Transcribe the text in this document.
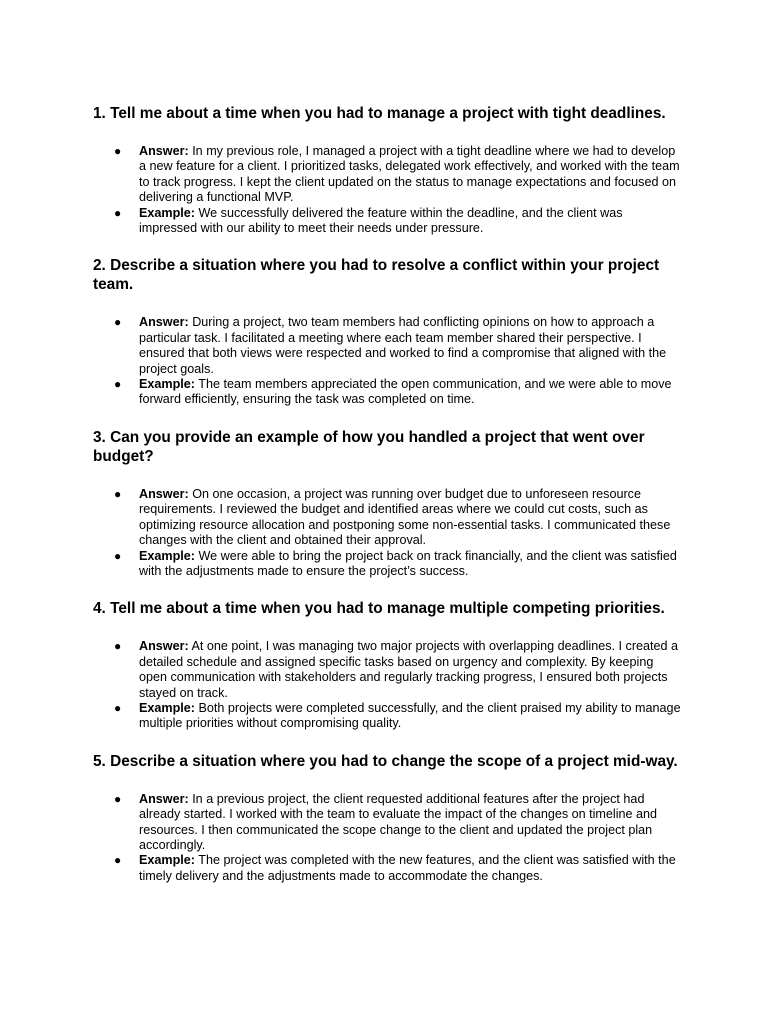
1. Tell me about a time when you had to manage a project with tight deadlines.
● Answer: In my previous role, I managed a project with a tight deadline where we had to develop a new feature for a client. I prioritized tasks, delegated work effectively, and worked with the team to track progress. I kept the client updated on the status to manage expectations and focused on delivering a functional MVP.
● Example: We successfully delivered the feature within the deadline, and the client was impressed with our ability to meet their needs under pressure.
2. Describe a situation where you had to resolve a conflict within your project team.
● Answer: During a project, two team members had conflicting opinions on how to approach a particular task. I facilitated a meeting where each team member shared their perspective. I ensured that both views were respected and worked to find a compromise that aligned with the project goals.
● Example: The team members appreciated the open communication, and we were able to move forward efficiently, ensuring the task was completed on time.
3. Can you provide an example of how you handled a project that went over budget?
● Answer: On one occasion, a project was running over budget due to unforeseen resource requirements. I reviewed the budget and identified areas where we could cut costs, such as optimizing resource allocation and postponing some non-essential tasks. I communicated these changes with the client and obtained their approval.
● Example: We were able to bring the project back on track financially, and the client was satisfied with the adjustments made to ensure the project’s success.
4. Tell me about a time when you had to manage multiple competing priorities.
● Answer: At one point, I was managing two major projects with overlapping deadlines. I created a detailed schedule and assigned specific tasks based on urgency and complexity. By keeping open communication with stakeholders and regularly tracking progress, I ensured both projects stayed on track.
● Example: Both projects were completed successfully, and the client praised my ability to manage multiple priorities without compromising quality.
5. Describe a situation where you had to change the scope of a project mid-way.
● Answer: In a previous project, the client requested additional features after the project had already started. I worked with the team to evaluate the impact of the changes on timeline and resources. I then communicated the scope change to the client and updated the project plan accordingly.
● Example: The project was completed with the new features, and the client was satisfied with the timely delivery and the adjustments made to accommodate the changes.
